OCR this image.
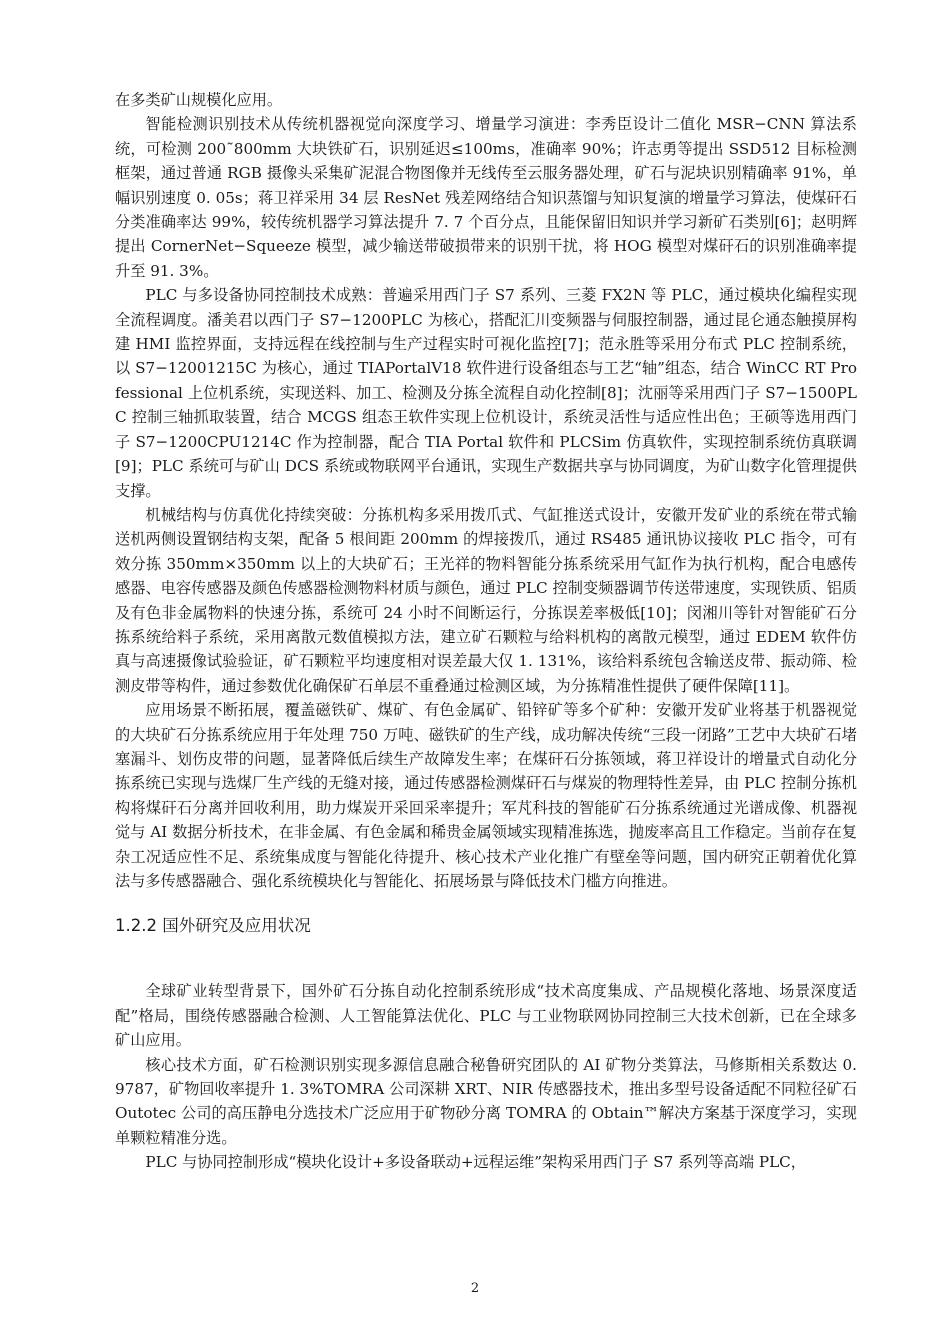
在多类矿山规模化应用。

智能检测识别技术从传统机器视觉向深度学习、增量学习演进：李秀臣设计二值化 MSR−CNN 算法系统，可检测 200˜800mm 大块铁矿石，识别延迟≤100ms，准确率 90%；许志勇等提出 SSD512 目标检测框架，通过普通 RGB 摄像头采集矿泥混合物图像并无线传至云服务器处理，矿石与泥块识别精确率 91%，单幅识别速度 0. 05s；蒋卫祥采用 34 层 ResNet 残差网络结合知识蒸馏与知识复演的增量学习算法，使煤矸石分类准确率达 99%，较传统机器学习算法提升 7. 7 个百分点，且能保留旧知识并学习新矿石类别[6]；赵明辉提出 CornerNet−Squeeze 模型，减少输送带破损带来的识别干扰，将 HOG 模型对煤矸石的识别准确率提升至 91. 3%。

PLC 与多设备协同控制技术成熟：普遍采用西门子 S7 系列、三菱 FX2N 等 PLC，通过模块化编程实现全流程调度。潘美君以西门子 S7−1200PLC 为核心，搭配汇川变频器与伺服控制器，通过昆仑通态触摸屏构建 HMI 监控界面，支持远程在线控制与生产过程实时可视化监控[7]；范永胜等采用分布式 PLC 控制系统，以 S7−12001215C 为核心，通过 TIAPortalV18 软件进行设备组态与工艺“轴”组态，结合 WinCC RT Professional 上位机系统，实现送料、加工、检测及分拣全流程自动化控制[8]；沈丽等采用西门子 S7−1500PLC 控制三轴抓取装置，结合 MCGS 组态王软件实现上位机设计，系统灵活性与适应性出色；王硕等选用西门子 S7−1200CPU1214C 作为控制器，配合 TIA Portal 软件和 PLCSim 仿真软件，实现控制系统仿真联调[9]；PLC 系统可与矿山 DCS 系统或物联网平台通讯，实现生产数据共享与协同调度，为矿山数字化管理提供支撑。

机械结构与仿真优化持续突破：分拣机构多采用拨爪式、气缸推送式设计，安徽开发矿业的系统在带式输送机两侧设置钢结构支架，配备 5 根间距 200mm 的焊接拨爪，通过 RS485 通讯协议接收 PLC 指令，可有效分拣 350mm×350mm 以上的大块矿石；王光祥的物料智能分拣系统采用气缸作为执行机构，配合电感传感器、电容传感器及颜色传感器检测物料材质与颜色，通过 PLC 控制变频器调节传送带速度，实现铁质、铝质及有色非金属物料的快速分拣，系统可 24 小时不间断运行，分拣误差率极低[10]；闵湘川等针对智能矿石分拣系统给料子系统，采用离散元数值模拟方法，建立矿石颗粒与给料机构的离散元模型，通过 EDEM 软件仿真与高速摄像试验验证，矿石颗粒平均速度相对误差最大仅 1. 131%，该给料系统包含输送皮带、振动筛、检测皮带等构件，通过参数优化确保矿石单层不重叠通过检测区域，为分拣精准性提供了硬件保障[11]。

应用场景不断拓展，覆盖磁铁矿、煤矿、有色金属矿、铅锌矿等多个矿种：安徽开发矿业将基于机器视觉的大块矿石分拣系统应用于年处理 750 万吨、磁铁矿的生产线，成功解决传统“三段一闭路”工艺中大块矿石堵塞漏斗、划伤皮带的问题，显著降低后续生产故障发生率；在煤矸石分拣领域，蒋卫祥设计的增量式自动化分拣系统已实现与选煤厂生产线的无缝对接，通过传感器检测煤矸石与煤炭的物理特性差异，由 PLC 控制分拣机构将煤矸石分离并回收利用，助力煤炭开采回采率提升；军芃科技的智能矿石分拣系统通过光谱成像、机器视觉与 AI 数据分析技术，在非金属、有色金属和稀贵金属领域实现精准拣选，抛废率高且工作稳定。当前存在复杂工况适应性不足、系统集成度与智能化待提升、核心技术产业化推广有壁垒等问题，国内研究正朝着优化算法与多传感器融合、强化系统模块化与智能化、拓展场景与降低技术门槛方向推进。

1.2.2 国外研究及应用状况

全球矿业转型背景下，国外矿石分拣自动化控制系统形成“技术高度集成、产品规模化落地、场景深度适配”格局，围绕传感器融合检测、人工智能算法优化、PLC 与工业物联网协同控制三大技术创新，已在全球多矿山应用。

核心技术方面，矿石检测识别实现多源信息融合秘鲁研究团队的 AI 矿物分类算法，马修斯相关系数达 0. 9787，矿物回收率提升 1. 3%TOMRA 公司深耕 XRT、NIR 传感器技术，推出多型号设备适配不同粒径矿石 Outotec 公司的高压静电分选技术广泛应用于矿物砂分离 TOMRA 的 Obtain™解决方案基于深度学习，实现单颗粒精准分选。

PLC 与协同控制形成“模块化设计+多设备联动+远程运维”架构采用西门子 S7 系列等高端 PLC，

2
